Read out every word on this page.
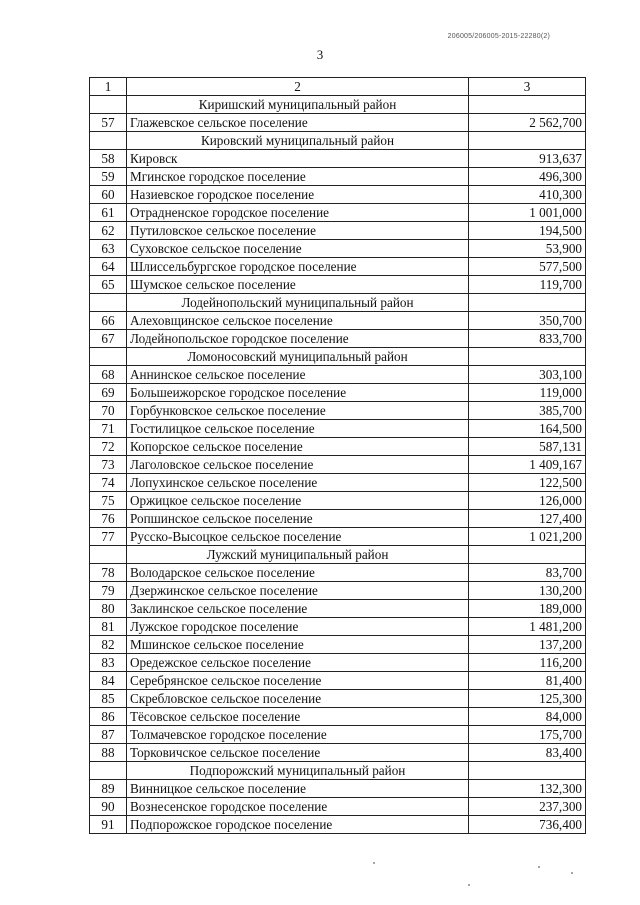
206005/206005-2015-22280(2)
3
1	2	3
	Киришский муниципальный район	
57	Глажевское сельское поселение	2 562,700
	Кировский муниципальный район	
58	Кировск	913,637
59	Мгинское городское поселение	496,300
60	Назиевское городское поселение	410,300
61	Отрадненское городское поселение	1 001,000
62	Путиловское сельское поселение	194,500
63	Суховское сельское поселение	53,900
64	Шлиссельбургское городское поселение	577,500
65	Шумское сельское поселение	119,700
	Лодейнопольский муниципальный район	
66	Алеховщинское сельское поселение	350,700
67	Лодейнопольское городское поселение	833,700
	Ломоносовский муниципальный район	
68	Аннинское сельское поселение	303,100
69	Большеижорское городское поселение	119,000
70	Горбунковское сельское поселение	385,700
71	Гостилицкое сельское поселение	164,500
72	Копорское сельское поселение	587,131
73	Лаголовское сельское поселение	1 409,167
74	Лопухинское сельское поселение	122,500
75	Оржицкое сельское поселение	126,000
76	Ропшинское сельское поселение	127,400
77	Русско-Высоцкое сельское поселение	1 021,200
	Лужский муниципальный район	
78	Володарское сельское поселение	83,700
79	Дзержинское сельское поселение	130,200
80	Заклинское сельское поселение	189,000
81	Лужское городское поселение	1 481,200
82	Мшинское сельское поселение	137,200
83	Оредежское сельское поселение	116,200
84	Серебрянское сельское поселение	81,400
85	Скребловское сельское поселение	125,300
86	Тёсовское сельское поселение	84,000
87	Толмачевское городское поселение	175,700
88	Торковичское сельское поселение	83,400
	Подпорожский муниципальный район	
89	Винницкое сельское поселение	132,300
90	Вознесенское городское поселение	237,300
91	Подпорожское городское поселение	736,400
